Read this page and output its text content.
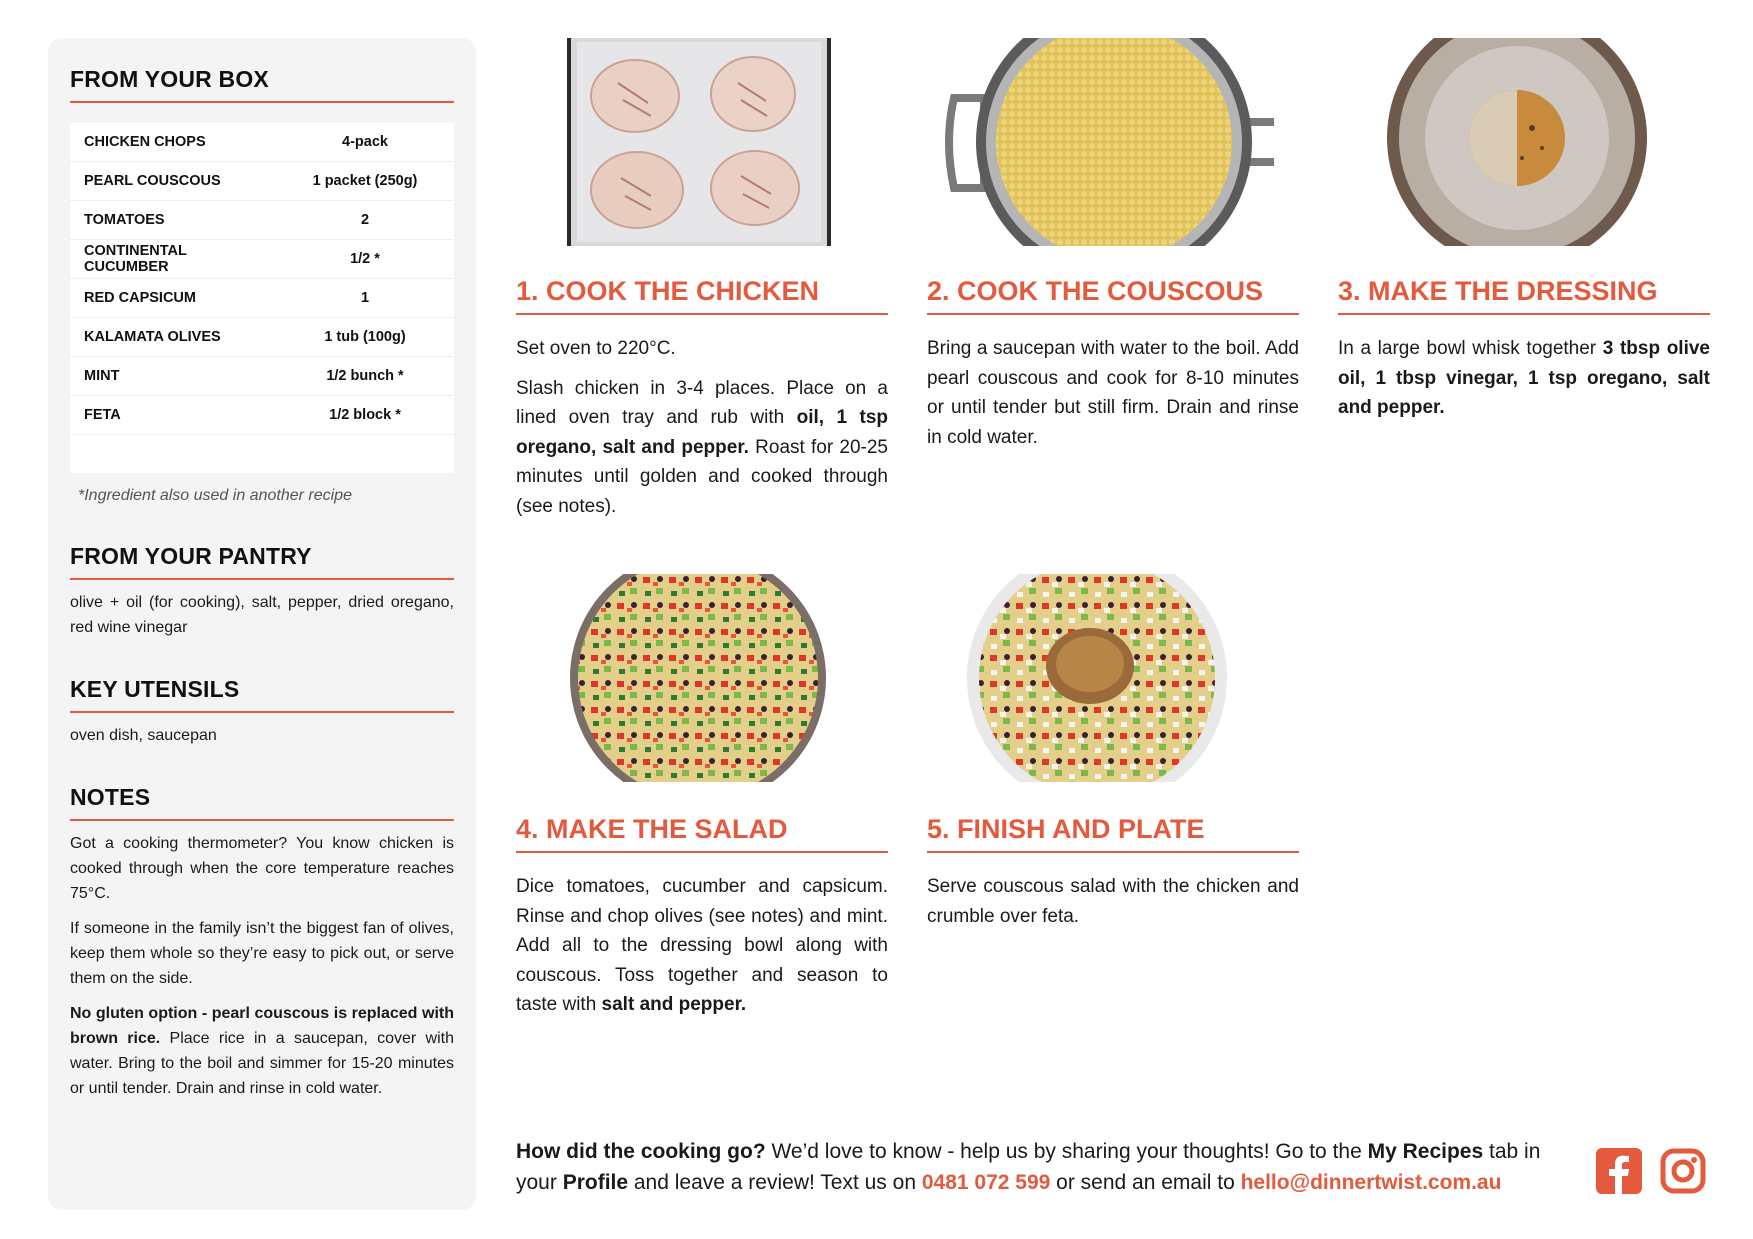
FROM YOUR BOX
CHICKEN CHOPS	4-pack
PEARL COUSCOUS	1 packet (250g)
TOMATOES	2
CONTINENTAL CUCUMBER	1/2 *
RED CAPSICUM	1
KALAMATA OLIVES	1 tub (100g)
MINT	1/2 bunch *
FETA	1/2 block *

*Ingredient also used in another recipe

FROM YOUR PANTRY

olive + oil (for cooking), salt, pepper, dried oregano, red wine vinegar

KEY UTENSILS

oven dish, saucepan

NOTES

Got a cooking thermometer? You know chicken is cooked through when the core temperature reaches 75°C.

If someone in the family isn’t the biggest fan of olives, keep them whole so they’re easy to pick out, or serve them on the side.

No gluten option - pearl couscous is replaced with brown rice. Place rice in a saucepan, cover with water. Bring to the boil and simmer for 15-20 minutes or until tender. Drain and rinse in cold water.

1. COOK THE CHICKEN

Set oven to 220°C.

Slash chicken in 3-4 places. Place on a lined oven tray and rub with oil, 1 tsp oregano, salt and pepper. Roast for 20-25 minutes until golden and cooked through (see notes).

2. COOK THE COUSCOUS

Bring a saucepan with water to the boil. Add pearl couscous and cook for 8-10 minutes or until tender but still firm. Drain and rinse in cold water.

3. MAKE THE DRESSING

In a large bowl whisk together 3 tbsp olive oil, 1 tbsp vinegar, 1 tsp oregano, salt and pepper.

4. MAKE THE SALAD

Dice tomatoes, cucumber and capsicum. Rinse and chop olives (see notes) and mint. Add all to the dressing bowl along with couscous. Toss together and season to taste with salt and pepper.

5. FINISH AND PLATE

Serve couscous salad with the chicken and crumble over feta.

How did the cooking go? We’d love to know - help us by sharing your thoughts! Go to the My Recipes tab in your Profile and leave a review! Text us on 0481 072 599 or send an email to hello@dinnertwist.com.au
